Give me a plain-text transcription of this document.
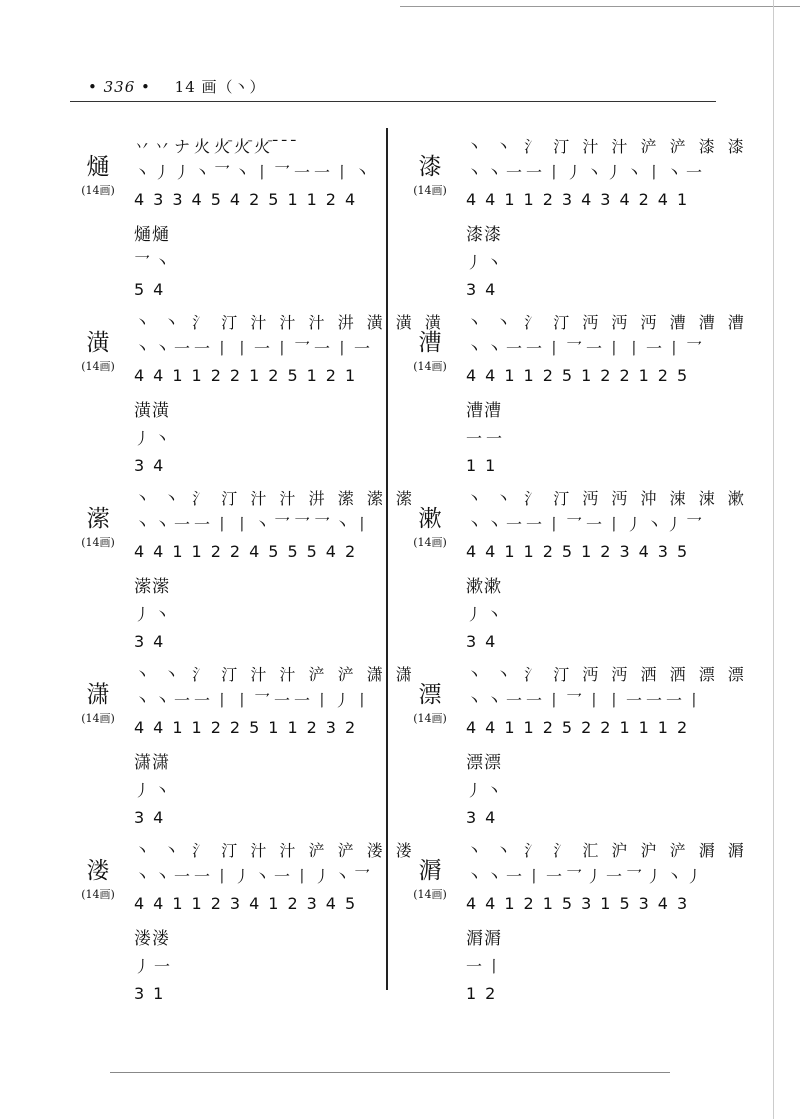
• 336 • 14 画（丶）
熥
(14画)
丷丷ナ火火̄火̄火̄ ̄ ̄ ̄
丶丿丿丶乛丶丨乛一一丨丶
433454251124
熥熥
乛丶
54
潢
(14画)
丶 丶 氵 汀 汁 汁 汁 汫 潢 潢 潢
丶丶一一丨丨一丨乛一丨一
441122125121
潢潢
丿丶
34
潆
(14画)
丶 丶 氵 汀 汁 汁 汫 潆 潆 潆
丶丶一一丨丨丶乛乛乛丶丨
441122455542
潆潆
丿丶
34
潇
(14画)
丶 丶 氵 汀 汁 汁 浐 浐 潇 潇
丶丶一一丨丨乛一一丨丿丨
441122511232
潇潇
丿丶
34
溇
(14画)
丶 丶 氵 汀 汁 汁 浐 浐 溇 溇
丶丶一一丨丿丶一丨丿丶乛
441123412345
溇溇
丿一
31
漆
(14画)
丶 丶 氵 汀 汁 汁 浐 浐 漆 漆
丶丶一一丨丿丶丿丶丨丶一
441123434241
漆漆
丿丶
34
漕
(14画)
丶 丶 氵 汀 沔 沔 沔 漕 漕 漕
丶丶一一丨乛一丨丨一丨乛
441125122125
漕漕
一一
11
漱
(14画)
丶 丶 氵 汀 沔 沔 沖 涑 涑 漱
丶丶一一丨乛一丨丿丶丿乛
441125123435
漱漱
丿丶
34
漂
(14画)
丶 丶 氵 汀 沔 沔 洒 洒 漂 漂
丶丶一一丨乛丨丨一一一丨
441125221112
漂漂
丿丶
34
漘
(14画)
丶 丶 氵 氵 汇 沪 沪 浐 漘 漘
丶丶一丨一乛丿一乛丿丶丿
441215315343
漘漘
一丨
12
